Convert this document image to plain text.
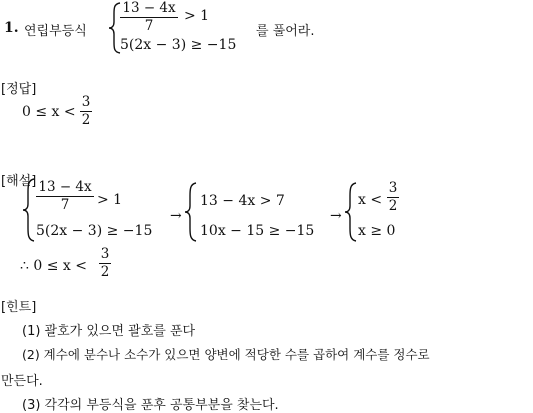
1. 연립부등식
13 − 4x
7
> 1
5(2x − 3) ≥ −15
를 풀어라.
[정답]
0 ≤ x <
3
2
[해설] 13 − 4x
7	> 1
5(2x − 3) ≥ −15
→
13 − 4x > 7
10x − 15 ≥ −15
→
x <
3
2
x ≥ 0
∴ 0 ≤ x <
3
2
[힌트]
(1) 괄호가 있으면 괄호를 푼다
(2) 계수에 분수나 소수가 있으면 양변에 적당한 수를 곱하여 계수를 정수로
만든다.
(3) 각각의 부등식을 푼후 공통부분을 찾는다.
